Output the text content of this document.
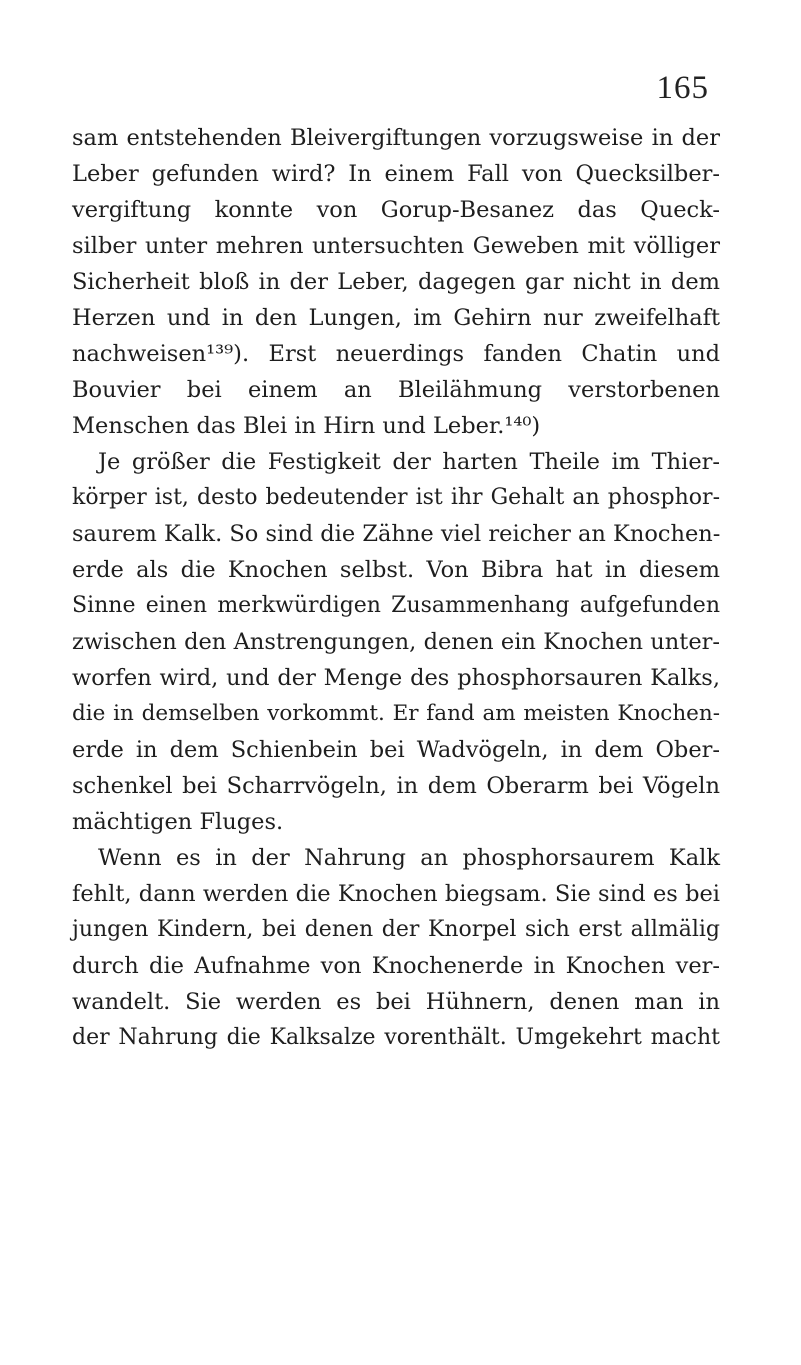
165
sam entstehenden Bleivergiftungen vorzugsweise in der
Leber gefunden wird? In einem Fall von Quecksilber-
vergiftung konnte von Gorup-Besanez das Queck-
silber unter mehren untersuchten Geweben mit völliger
Sicherheit bloß in der Leber, dagegen gar nicht in dem
Herzen und in den Lungen, im Gehirn nur zweifelhaft
nachweisen¹³⁹). Erst neuerdings fanden Chatin und
Bouvier bei einem an Bleilähmung verstorbenen
Menschen das Blei in Hirn und Leber.¹⁴⁰)
Je größer die Festigkeit der harten Theile im Thier-
körper ist, desto bedeutender ist ihr Gehalt an phosphor-
saurem Kalk. So sind die Zähne viel reicher an Knochen-
erde als die Knochen selbst. Von Bibra hat in diesem
Sinne einen merkwürdigen Zusammenhang aufgefunden
zwischen den Anstrengungen, denen ein Knochen unter-
worfen wird, und der Menge des phosphorsauren Kalks,
die in demselben vorkommt. Er fand am meisten Knochen-
erde in dem Schienbein bei Wadvögeln, in dem Ober-
schenkel bei Scharrvögeln, in dem Oberarm bei Vögeln
mächtigen Fluges.
Wenn es in der Nahrung an phosphorsaurem Kalk
fehlt, dann werden die Knochen biegsam. Sie sind es bei
jungen Kindern, bei denen der Knorpel sich erst allmälig
durch die Aufnahme von Knochenerde in Knochen ver-
wandelt. Sie werden es bei Hühnern, denen man in
der Nahrung die Kalksalze vorenthält. Umgekehrt macht
